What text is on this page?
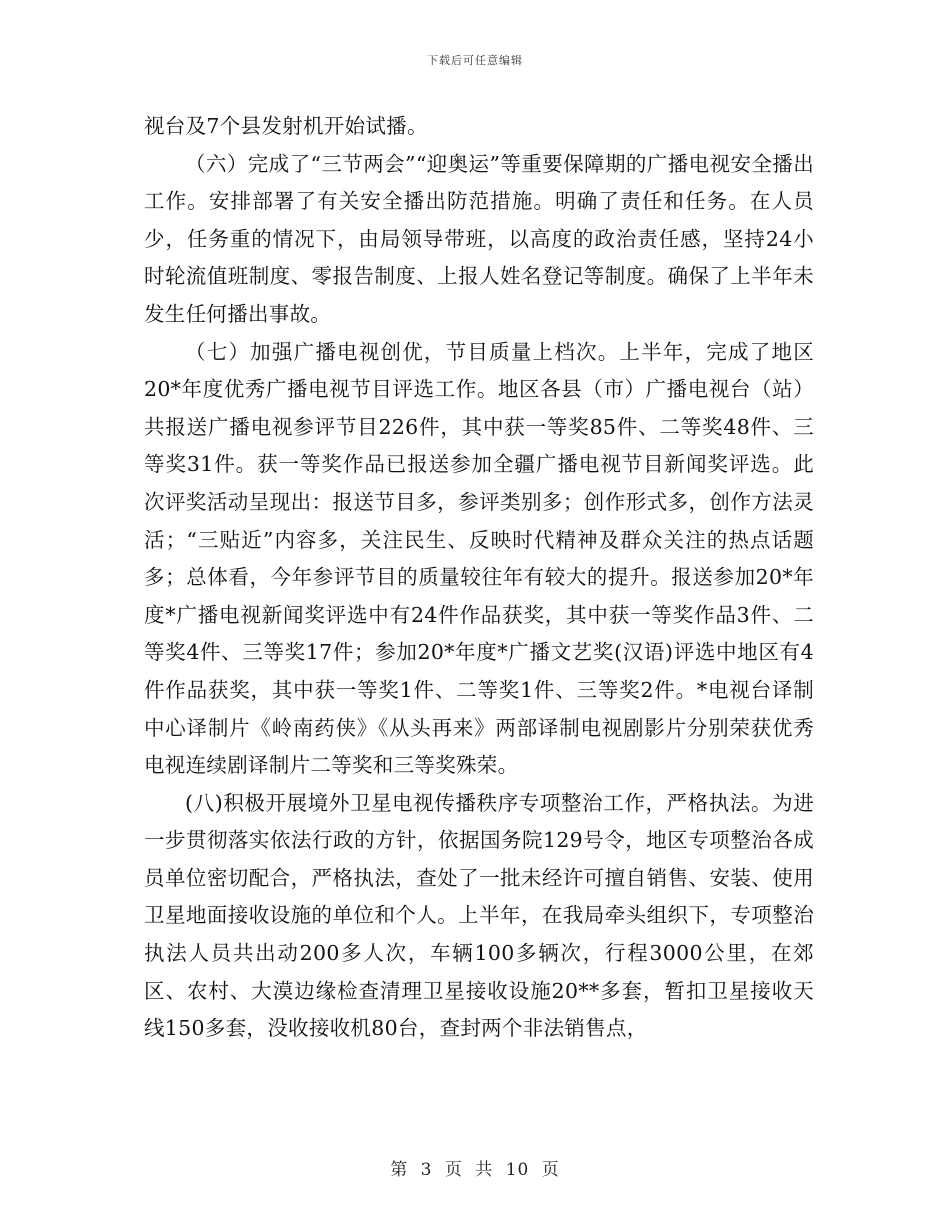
下载后可任意编辑

视台及7个县发射机开始试播。

（六）完成了“三节两会”“迎奥运”等重要保障期的广播电视安全播出工作。安排部署了有关安全播出防范措施。明确了责任和任务。在人员少，任务重的情况下，由局领导带班，以高度的政治责任感，坚持24小时轮流值班制度、零报告制度、上报人姓名登记等制度。确保了上半年未发生任何播出事故。

（七）加强广播电视创优，节目质量上档次。上半年，完成了地区20*年度优秀广播电视节目评选工作。地区各县（市）广播电视台（站）共报送广播电视参评节目226件，其中获一等奖85件、二等奖48件、三等奖31件。获一等奖作品已报送参加全疆广播电视节目新闻奖评选。此次评奖活动呈现出：报送节目多，参评类别多；创作形式多，创作方法灵活；“三贴近”内容多，关注民生、反映时代精神及群众关注的热点话题多；总体看，今年参评节目的质量较往年有较大的提升。报送参加20*年度*广播电视新闻奖评选中有24件作品获奖，其中获一等奖作品3件、二等奖4件、三等奖17件；参加20*年度*广播文艺奖(汉语)评选中地区有4件作品获奖，其中获一等奖1件、二等奖1件、三等奖2件。*电视台译制中心译制片《岭南药侠》《从头再来》两部译制电视剧影片分别荣获优秀电视连续剧译制片二等奖和三等奖殊荣。

(八)积极开展境外卫星电视传播秩序专项整治工作，严格执法。为进一步贯彻落实依法行政的方针，依据国务院129号令，地区专项整治各成员单位密切配合，严格执法，查处了一批未经许可擅自销售、安装、使用卫星地面接收设施的单位和个人。上半年，在我局牵头组织下，专项整治执法人员共出动200多人次，车辆100多辆次，行程3000公里，在郊区、农村、大漠边缘检查清理卫星接收设施20**多套，暂扣卫星接收天线150多套，没收接收机80台，查封两个非法销售点，

第 3 页 共 10 页
